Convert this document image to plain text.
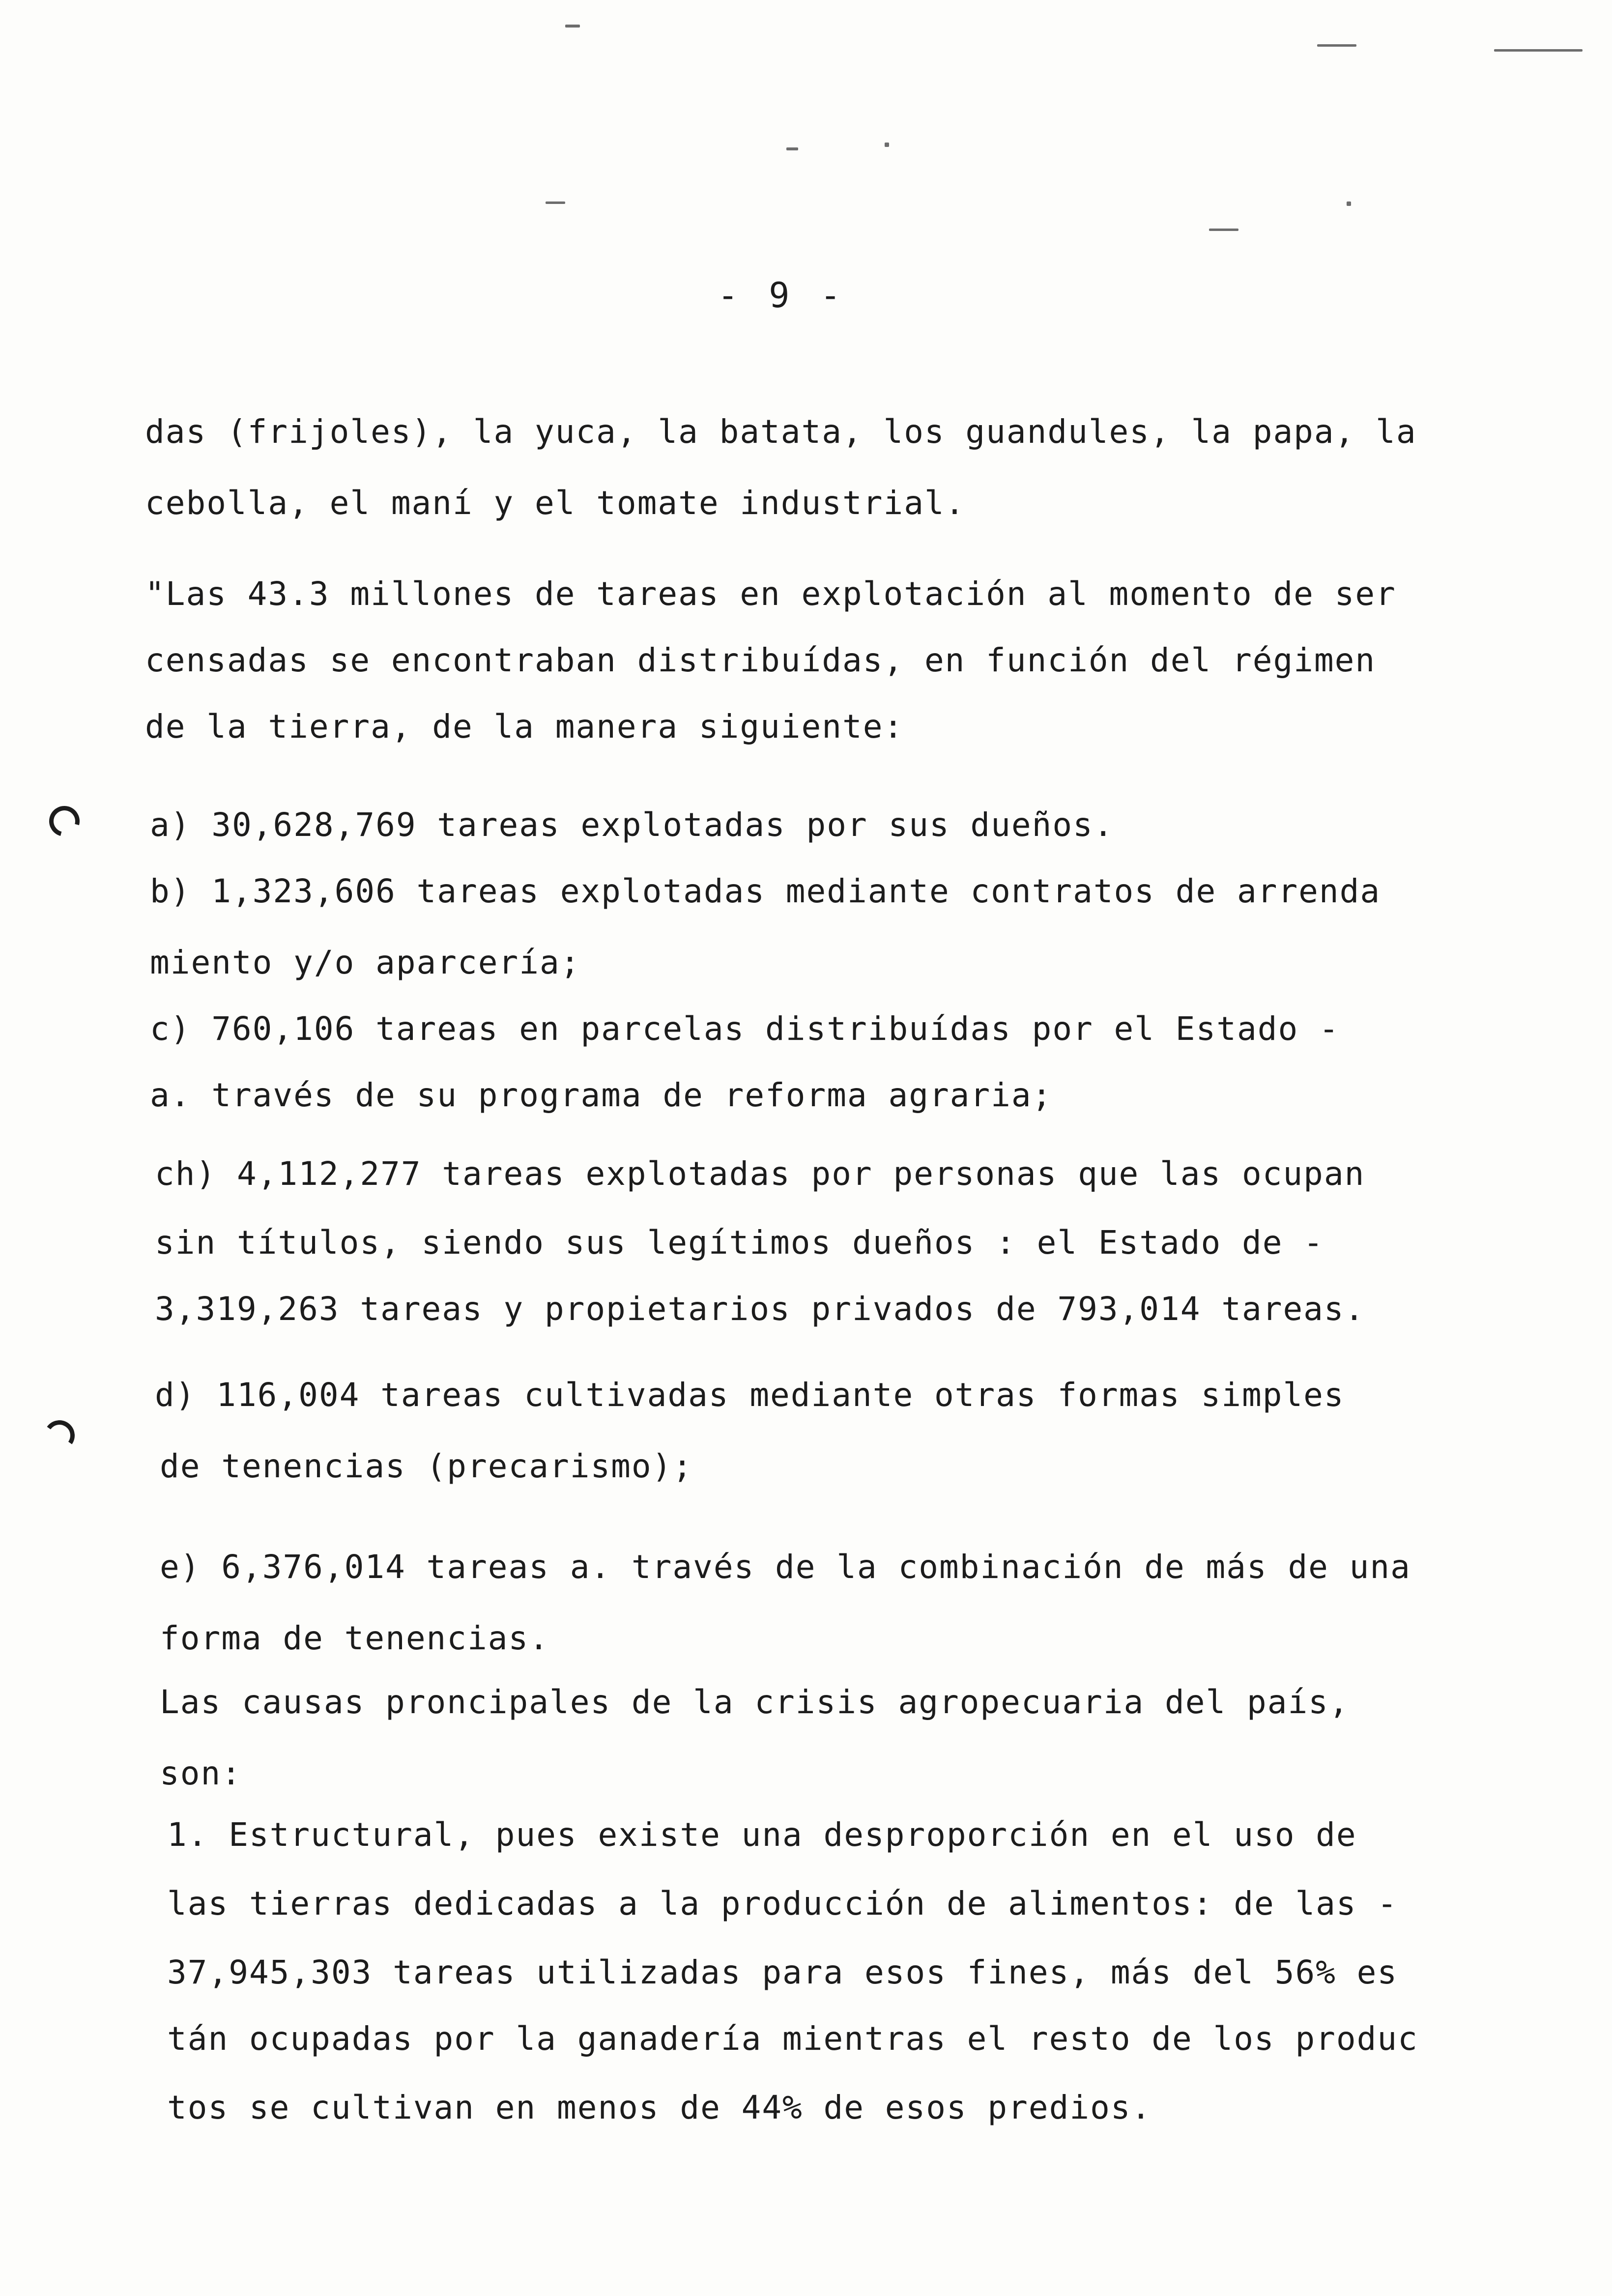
- 9 -
das (frijoles), la yuca, la batata, los guandules, la papa, la
cebolla, el maní y el tomate industrial.
"Las 43.3 millones de tareas en explotación al momento de ser
censadas se encontraban distribuídas, en función del régimen
de la tierra, de la manera siguiente:
a) 30,628,769 tareas explotadas por sus dueños.
b) 1,323,606 tareas explotadas mediante contratos de arrendа
miento y/o aparcería;
c) 760,106 tareas en parcelas distribuídas por el Estado -
a. través de su programa de reforma agraria;
ch) 4,112,277 tareas explotadas por personas que las ocupan
sin títulos, siendo sus legítimos dueños : el Estado de -
3,319,263 tareas y propietarios privados de 793,014 tareas.
d) 116,004 tareas cultivadas mediante otras formas simples
de tenencias (precarismo);
e) 6,376,014 tareas a. través de la combinación de más de una
forma de tenencias.
Las causas proncipales de la crisis agropecuaria del país,
son:
1. Estructural, pues existe una desproporción en el uso de
las tierras dedicadas a la producción de alimentos: de las -
37,945,303 tareas utilizadas para esos fines, más del 56% es
tán ocupadas por la ganadería mientras el resto de los produc
tos se cultivan en menos de 44% de esos predios.
